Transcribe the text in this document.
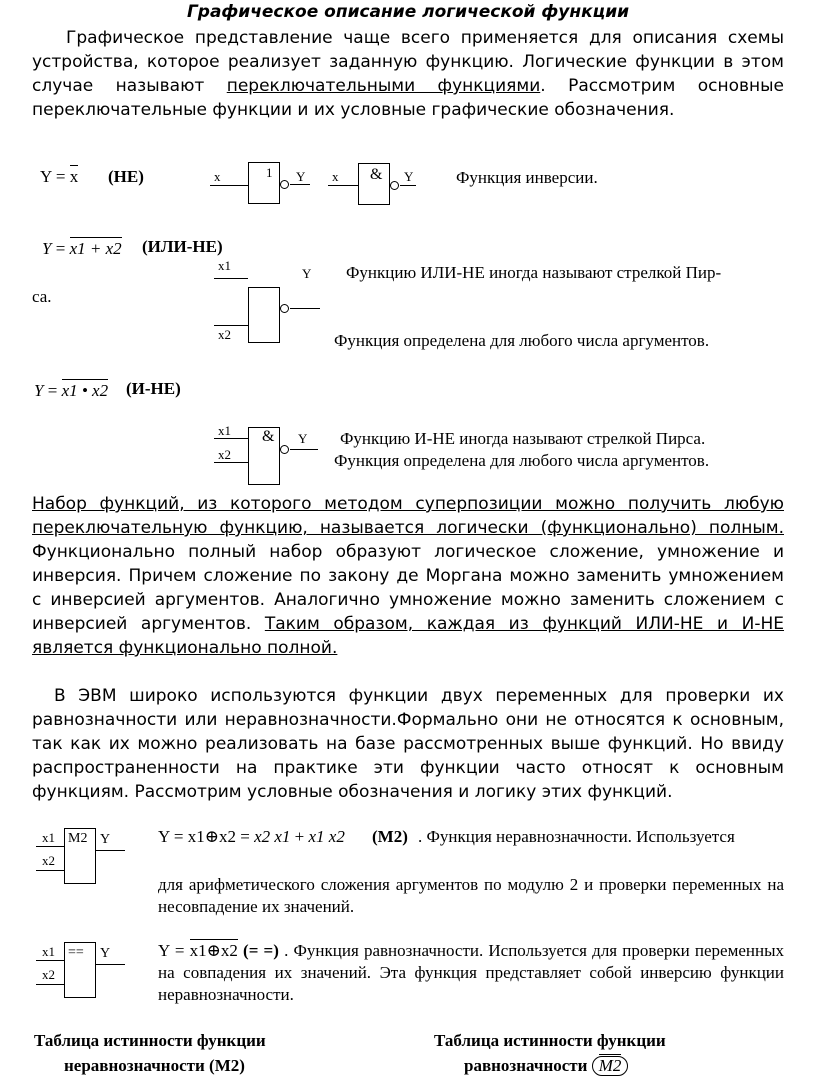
Графическое описание логической функции
Графическое представление чаще всего применяется для описания схемы устройства, которое реализует заданную функцию. Логические функции в этом случае называют переключательными функциями. Рассмотрим основные переключательные функции и их условные графические обозначения.
Y = x (НЕ)	x	1 Y x & Y	Функция инверсии.
Y = x1 + x2 (ИЛИ-НЕ)
x1
x2
Y Функцию ИЛИ-НЕ иногда называют стрелкой Пир-
са.
Функция определена для любого числа аргументов.
Y = x1 • x2 (И-НЕ)
x1
x2
& Y Функцию И-НЕ иногда называют стрелкой Пирса.
Функция определена для любого числа аргументов.
Набор функций, из которого методом суперпозиции можно получить любую переключательную функцию, называется логически (функционально) полным. Функционально полный набор образуют логическое сложение, умножение и инверсия. Причем сложение по закону де Моргана можно заменить умножением с инверсией аргументов. Аналогично умножение можно заменить сложением с инверсией аргументов. Таким образом, каждая из функций ИЛИ-НЕ и И-НЕ является функционально полной.
В ЭВМ широко используются функции двух переменных для проверки их равнозначности или неравнозначности.Формально они не относятся к основным, так как их можно реализовать на базе рассмотренных выше функций. Но ввиду распространенности на практике эти функции часто относят к основным функциям. Рассмотрим условные обозначения и логику этих функций.
x1
x2
M2 Y	Y = x1⊕x2 = x2 x1 + x1 x2 (M2) . Функция неравнозначности. Используется
для арифметического сложения аргументов по модулю 2 и проверки переменных на несовпадение их значений.
x1
x2
== Y	Y = x1⊕x2 (= =) . Функция равнозначности. Используется для проверки переменных на совпадения их значений. Эта функция представляет собой инверсию функции неравнозначности.
Таблица истинности функции
неравнозначности (M2)
Таблица истинности функции
равнозначности M2
